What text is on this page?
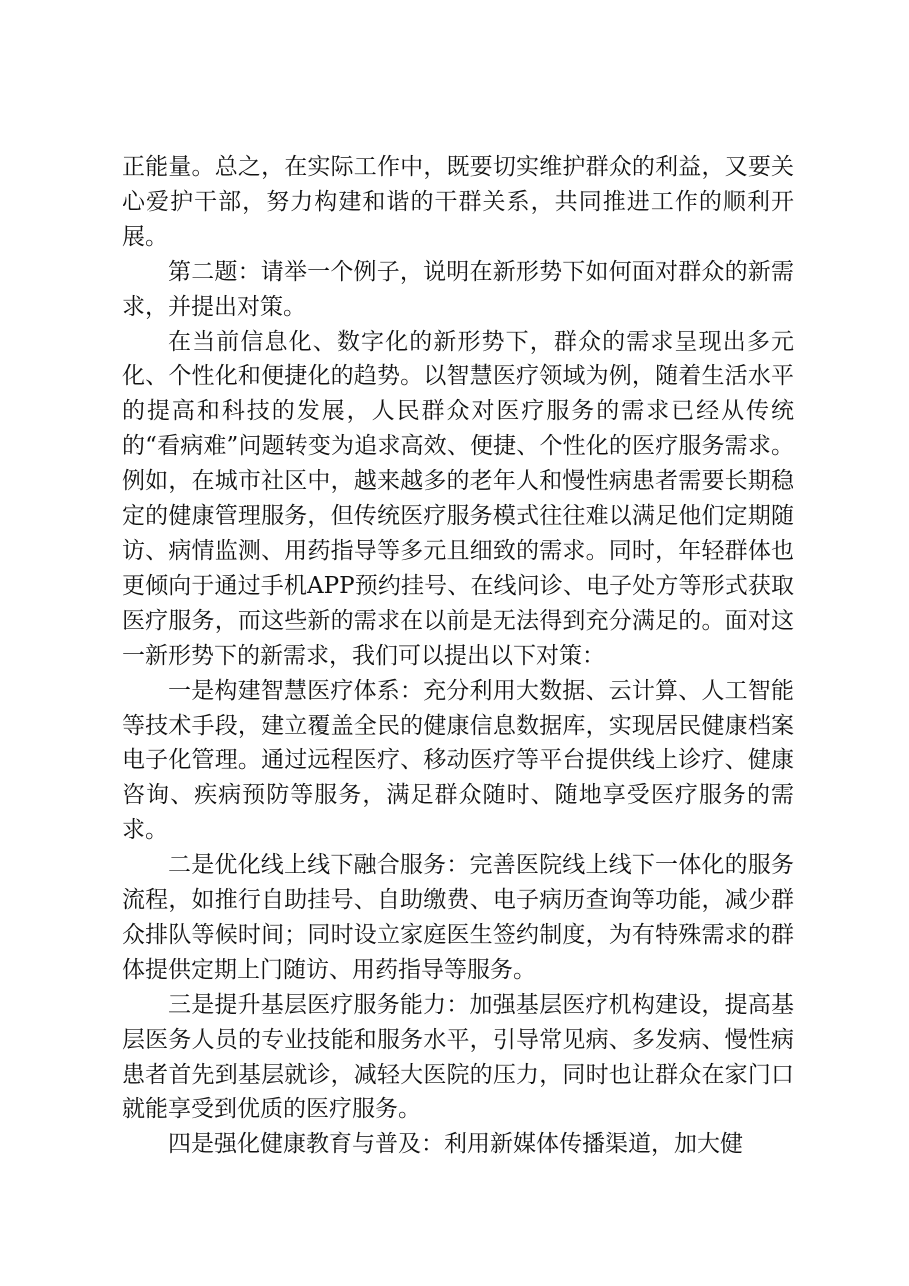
正能量。总之，在实际工作中，既要切实维护群众的利益，又要关心爱护干部，努力构建和谐的干群关系，共同推进工作的顺利开展。

第二题：请举一个例子，说明在新形势下如何面对群众的新需求，并提出对策。

在当前信息化、数字化的新形势下，群众的需求呈现出多元化、个性化和便捷化的趋势。以智慧医疗领域为例，随着生活水平的提高和科技的发展，人民群众对医疗服务的需求已经从传统的“看病难”问题转变为追求高效、便捷、个性化的医疗服务需求。例如，在城市社区中，越来越多的老年人和慢性病患者需要长期稳定的健康管理服务，但传统医疗服务模式往往难以满足他们定期随访、病情监测、用药指导等多元且细致的需求。同时，年轻群体也更倾向于通过手机APP预约挂号、在线问诊、电子处方等形式获取医疗服务，而这些新的需求在以前是无法得到充分满足的。面对这一新形势下的新需求，我们可以提出以下对策：

一是构建智慧医疗体系：充分利用大数据、云计算、人工智能等技术手段，建立覆盖全民的健康信息数据库，实现居民健康档案电子化管理。通过远程医疗、移动医疗等平台提供线上诊疗、健康咨询、疾病预防等服务，满足群众随时、随地享受医疗服务的需求。

二是优化线上线下融合服务：完善医院线上线下一体化的服务流程，如推行自助挂号、自助缴费、电子病历查询等功能，减少群众排队等候时间；同时设立家庭医生签约制度，为有特殊需求的群体提供定期上门随访、用药指导等服务。

三是提升基层医疗服务能力：加强基层医疗机构建设，提高基层医务人员的专业技能和服务水平，引导常见病、多发病、慢性病患者首先到基层就诊，减轻大医院的压力，同时也让群众在家门口就能享受到优质的医疗服务。

四是强化健康教育与普及：利用新媒体传播渠道，加大健
